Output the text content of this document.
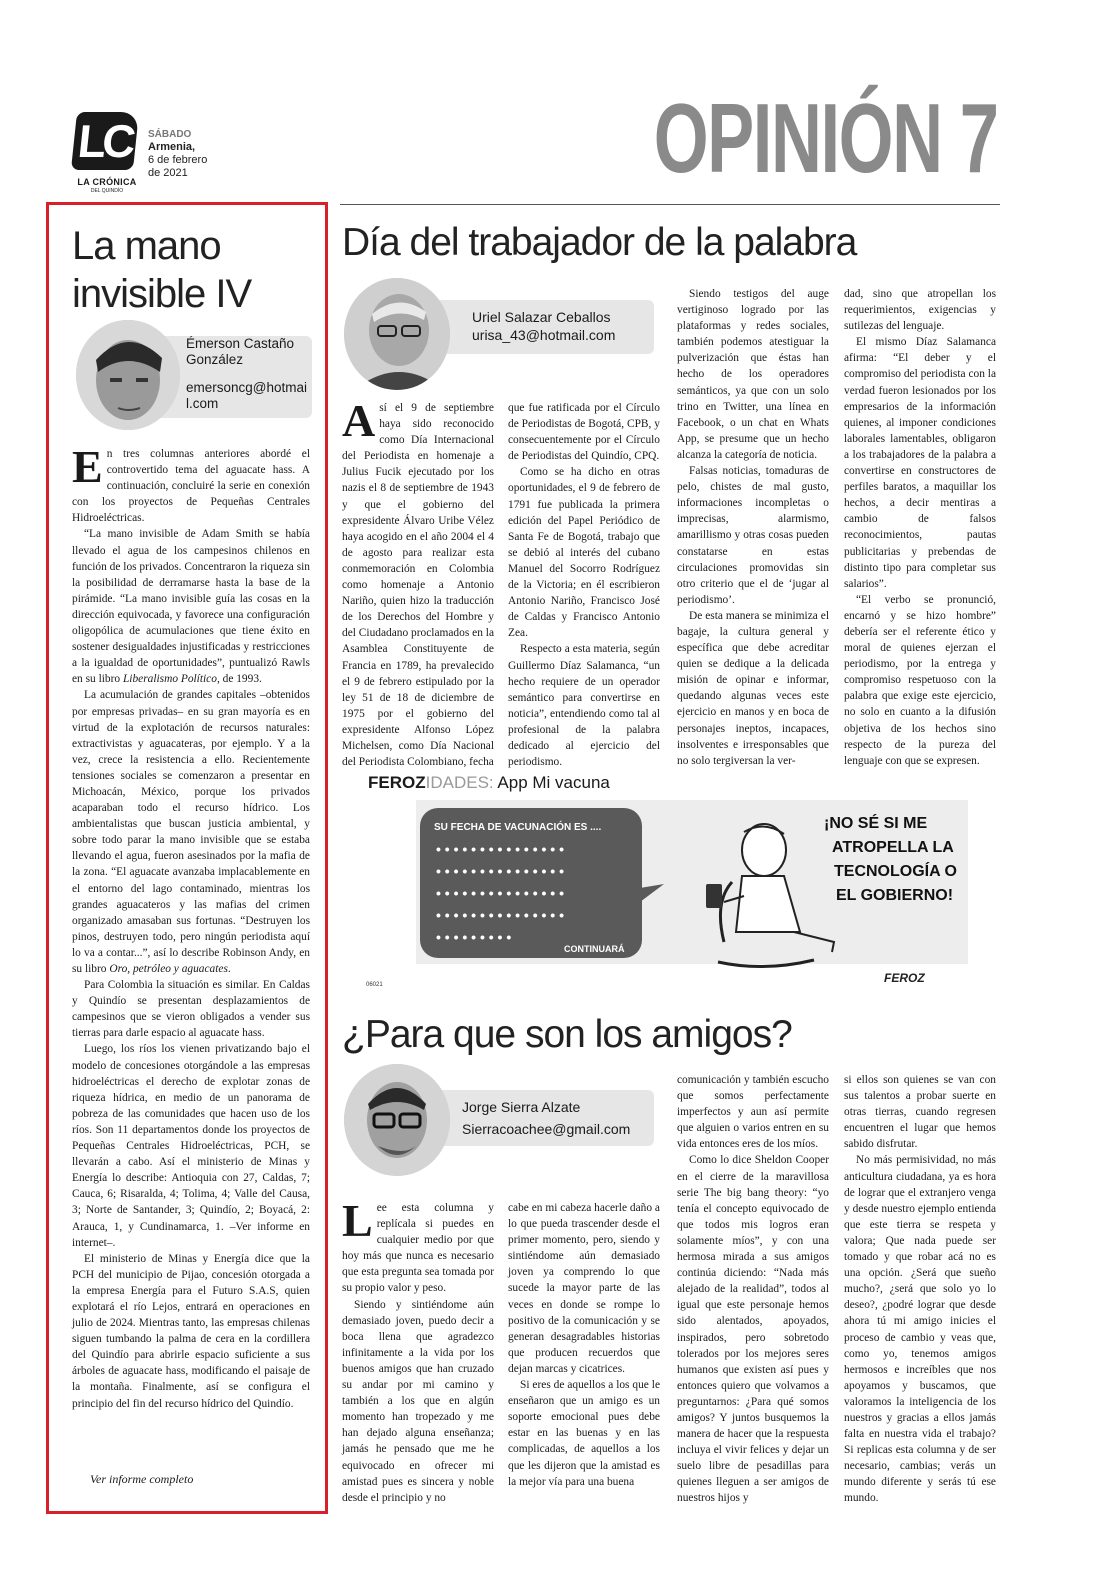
LC
LA CRÓNICA
DEL QUINDÍO
SÁBADO
Armenia,
6 de febrero
de 2021	OPINIÓN 7
La mano
invisible IV
Émerson Castaño González
emersoncg@hotmail.com

En tres columnas anteriores abordé el controvertido tema del aguacate hass. A continuación, concluiré la serie en conexión con los proyectos de Pequeñas Centrales Hidroeléctricas.

“La mano invisible de Adam Smith se había llevado el agua de los campesinos chilenos en función de los privados. Concentraron la riqueza sin la posibilidad de derramarse hasta la base de la pirámide. “La mano invisible guía las cosas en la dirección equivocada, y favorece una configuración oligopólica de acumulaciones que tiene éxito en sostener desigualdades injustificadas y restricciones a la igualdad de oportunidades”, puntualizó Rawls en su libro Liberalismo Político, de 1993.

La acumulación de grandes capitales –obtenidos por empresas privadas– en su gran mayoría es en virtud de la explotación de recursos naturales: extractivistas y aguacateras, por ejemplo. Y a la vez, crece la resistencia a ello. Recientemente tensiones sociales se comenzaron a presentar en Michoacán, México, porque los privados acaparaban todo el recurso hídrico. Los ambientalistas que buscan justicia ambiental, y sobre todo parar la mano invisible que se estaba llevando el agua, fueron asesinados por la mafia de la zona. “El aguacate avanzaba implacablemente en el entorno del lago contaminado, mientras los grandes aguacateros y las mafias del crimen organizado amasaban sus fortunas. “Destruyen los pinos, destruyen todo, pero ningún periodista aquí lo va a contar...”, así lo describe Robinson Andy, en su libro Oro, petróleo y aguacates.

Para Colombia la situación es similar. En Caldas y Quindío se presentan desplazamientos de campesinos que se vieron obligados a vender sus tierras para darle espacio al aguacate hass.

Luego, los ríos los vienen privatizando bajo el modelo de concesiones otorgándole a las empresas hidroeléctricas el derecho de explotar zonas de riqueza hídrica, en medio de un panorama de pobreza de las comunidades que hacen uso de los ríos. Son 11 departamentos donde los proyectos de Pequeñas Centrales Hidroeléctricas, PCH, se llevarán a cabo. Así el ministerio de Minas y Energía lo describe: Antioquia con 27, Caldas, 7; Cauca, 6; Risaralda, 4; Tolima, 4; Valle del Causa, 3; Norte de Santander, 3; Quindío, 2; Boyacá, 2: Arauca, 1, y Cundinamarca, 1. –Ver informe en internet–.

El ministerio de Minas y Energía dice que la PCH del municipio de Pijao, concesión otorgada a la empresa Energía para el Futuro S.A.S, quien explotará el río Lejos, entrará en operaciones en julio de 2024. Mientras tanto, las empresas chilenas siguen tumbando la palma de cera en la cordillera del Quindío para abrirle espacio suficiente a sus árboles de aguacate hass, modificando el paisaje de la montaña. Finalmente, así se configura el principio del fin del recurso hídrico del Quindío.

Ver informe completo
Día del trabajador de la palabra
Uriel Salazar Ceballos
urisa_43@hotmail.com

Así el 9 de septiembre haya sido reconocido como Día Internacional del Periodista en homenaje a Julius Fucik ejecutado por los nazis el 8 de septiembre de 1943 y que el gobierno del expresidente Álvaro Uribe Vélez haya acogido en el año 2004 el 4 de agosto para realizar esta conmemoración en Colombia como homenaje a Antonio Nariño, quien hizo la traducción de los Derechos del Hombre y del Ciudadano proclamados en la Asamblea Constituyente de Francia en 1789, ha prevalecido el 9 de febrero estipulado por la ley 51 de 18 de diciembre de 1975 por el gobierno del expresidente Alfonso López Michelsen, como Día Nacional del Periodista Colombiano, fecha

que fue ratificada por el Círculo de Periodistas de Bogotá, CPB, y consecuentemente por el Círculo de Periodistas del Quindío, CPQ.

Como se ha dicho en otras oportunidades, el 9 de febrero de 1791 fue publicada la primera edición del Papel Periódico de Santa Fe de Bogotá, trabajo que se debió al interés del cubano Manuel del Socorro Rodríguez de la Victoria; en él escribieron Antonio Nariño, Francisco José de Caldas y Francisco Antonio Zea.

Respecto a esta materia, según Guillermo Díaz Salamanca, “un hecho requiere de un operador semántico para convertirse en noticia”, entendiendo como tal al profesional de la palabra dedicado al ejercicio del periodismo.

Siendo testigos del auge vertiginoso logrado por las plataformas y redes sociales, también podemos atestiguar la pulverización que éstas han hecho de los operadores semánticos, ya que con un solo trino en Twitter, una línea en Facebook, o un chat en Whats App, se presume que un hecho alcanza la categoría de noticia.

Falsas noticias, tomaduras de pelo, chistes de mal gusto, informaciones incompletas o imprecisas, alarmismo, amarillismo y otras cosas pueden constatarse en estas circulaciones promovidas sin otro criterio que el de ‘jugar al periodismo’.

De esta manera se minimiza el bagaje, la cultura general y específica que debe acreditar quien se dedique a la delicada misión de opinar e informar, quedando algunas veces este ejercicio en manos y en boca de personajes ineptos, incapaces, insolventes e irresponsables que no solo tergiversan la ver-

dad, sino que atropellan los requerimientos, exigencias y sutilezas del lenguaje.

El mismo Díaz Salamanca afirma: “El deber y el compromiso del periodista con la verdad fueron lesionados por los empresarios de la información quienes, al imponer condiciones laborales lamentables, obligaron a los trabajadores de la palabra a convertirse en constructores de perfiles baratos, a maquillar los hechos, a decir mentiras a cambio de falsos reconocimientos, pautas publicitarias y prebendas de distinto tipo para completar sus salarios”.

“El verbo se pronunció, encarnó y se hizo hombre” debería ser el referente ético y moral de quienes ejerzan el periodismo, por la entrega y compromiso respetuoso con la palabra que exige este ejercicio, no solo en cuanto a la difusión objetiva de los hechos sino respecto de la pureza del lenguaje con que se expresen.

FEROZIDADES: App Mi vacuna
SU FECHA DE VACUNACIÓN ES ....
• • • • • • • • • • • • • • •
• • • • • • • • • • • • • • •
• • • • • • • • • • • • • • •
• • • • • • • • • • • • • • •
• • • • • • • • •
CONTINUARÁ
¡NO SÉ SI ME
ATROPELLA LA
TECNOLOGÍA O
EL GOBIERNO!
06021	FEROZ
¿Para que son los amigos?
Jorge Sierra Alzate
Sierracoachee@gmail.com

Lee esta columna y replícala si puedes en cualquier medio por que hoy más que nunca es necesario que esta pregunta sea tomada por su propio valor y peso.

Siendo y sintiéndome aún demasiado joven, puedo decir a boca llena que agradezco infinitamente a la vida por los buenos amigos que han cruzado su andar por mi camino y también a los que en algún momento han tropezado y me han dejado alguna enseñanza; jamás he pensado que me he equivocado en ofrecer mi amistad pues es sincera y noble desde el principio y no

cabe en mi cabeza hacerle daño a lo que pueda trascender desde el primer momento, pero, siendo y sintiéndome aún demasiado joven ya comprendo lo que sucede la mayor parte de las veces en donde se rompe lo positivo de la comunicación y se generan desagradables historias que producen recuerdos que dejan marcas y cicatrices.

Si eres de aquellos a los que le enseñaron que un amigo es un soporte emocional pues debe estar en las buenas y en las complicadas, de aquellos a los que les dijeron que la amistad es la mejor vía para una buena

comunicación y también escucho que somos perfectamente imperfectos y aun así permite que alguien o varios entren en su vida entonces eres de los míos.

Como lo dice Sheldon Cooper en el cierre de la maravillosa serie The big bang theory: “yo tenía el concepto equivocado de que todos mis logros eran solamente míos”, y con una hermosa mirada a sus amigos continúa diciendo: “Nada más alejado de la realidad”, todos al igual que este personaje hemos sido alentados, apoyados, inspirados, pero sobretodo tolerados por los mejores seres humanos que existen así pues y entonces quiero que volvamos a preguntarnos: ¿Para qué somos amigos? Y juntos busquemos la manera de hacer que la respuesta incluya el vivir felices y dejar un suelo libre de pesadillas para quienes lleguen a ser amigos de nuestros hijos y

si ellos son quienes se van con sus talentos a probar suerte en otras tierras, cuando regresen encuentren el lugar que hemos sabido disfrutar.

No más permisividad, no más anticultura ciudadana, ya es hora de lograr que el extranjero venga y desde nuestro ejemplo entienda que este tierra se respeta y valora; Que nada puede ser tomado y que robar acá no es una opción. ¿Será que sueño mucho?, ¿será que solo yo lo deseo?, ¿podré lograr que desde ahora tú mi amigo inicies el proceso de cambio y veas que, como yo, tenemos amigos hermosos e increíbles que nos apoyamos y buscamos, que valoramos la inteligencia de los nuestros y gracias a ellos jamás falta en nuestra vida el trabajo? Si replicas esta columna y de ser necesario, cambias; verás un mundo diferente y serás tú ese mundo.
